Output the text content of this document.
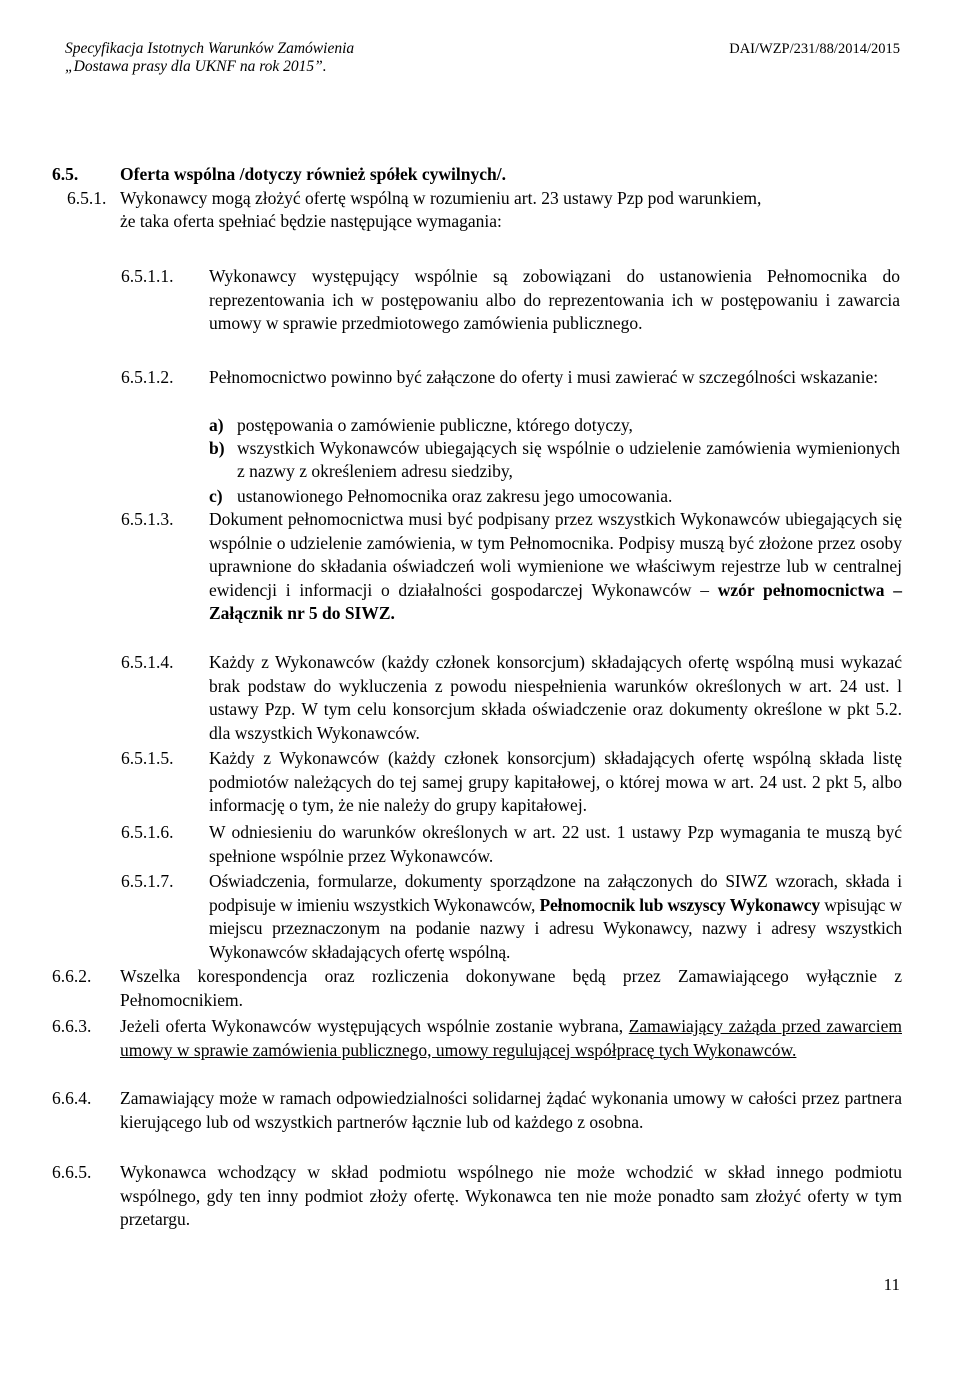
Specyfikacja Istotnych Warunków Zamówienia
„Dostawa prasy dla UKNF na rok 2015”.
DAI/WZP/231/88/2014/2015
6.5. Oferta wspólna /dotyczy również spółek cywilnych/.
6.5.1. Wykonawcy mogą złożyć ofertę wspólną w rozumieniu art. 23 ustawy Pzp pod warunkiem,
że taka oferta spełniać będzie następujące wymagania:
6.5.1.1. Wykonawcy występujący wspólnie są zobowiązani do ustanowienia Pełnomocnika do reprezentowania ich w postępowaniu albo do reprezentowania ich w postępowaniu i zawarcia umowy w sprawie przedmiotowego zamówienia publicznego.
6.5.1.2. Pełnomocnictwo powinno być załączone do oferty i musi zawierać w szczególności wskazanie:
a) postępowania o zamówienie publiczne, którego dotyczy,
b) wszystkich Wykonawców ubiegających się wspólnie o udzielenie zamówienia wymienionych z nazwy z określeniem adresu siedziby,
c) ustanowionego Pełnomocnika oraz zakresu jego umocowania.
6.5.1.3. Dokument pełnomocnictwa musi być podpisany przez wszystkich Wykonawców ubiegających się wspólnie o udzielenie zamówienia, w tym Pełnomocnika. Podpisy muszą być złożone przez osoby uprawnione do składania oświadczeń woli wymienione we właściwym rejestrze lub w centralnej ewidencji i informacji o działalności gospodarczej Wykonawców – wzór pełnomocnictwa – Załącznik nr 5 do SIWZ.
6.5.1.4. Każdy z Wykonawców (każdy członek konsorcjum) składających ofertę wspólną musi wykazać brak podstaw do wykluczenia z powodu niespełnienia warunków określonych w art. 24 ust. l ustawy Pzp. W tym celu konsorcjum składa oświadczenie oraz dokumenty określone w pkt 5.2. dla wszystkich Wykonawców.
6.5.1.5. Każdy z Wykonawców (każdy członek konsorcjum) składających ofertę wspólną składa listę podmiotów należących do tej samej grupy kapitałowej, o której mowa w art. 24 ust. 2 pkt 5, albo informację o tym, że nie należy do grupy kapitałowej.
6.5.1.6. W odniesieniu do warunków określonych w art. 22 ust. 1 ustawy Pzp wymagania te muszą być spełnione wspólnie przez Wykonawców.
6.5.1.7. Oświadczenia, formularze, dokumenty sporządzone na załączonych do SIWZ wzorach, składa i podpisuje w imieniu wszystkich Wykonawców, Pełnomocnik lub wszyscy Wykonawcy wpisując w miejscu przeznaczonym na podanie nazwy i adresu Wykonawcy, nazwy i adresy wszystkich Wykonawców składających ofertę wspólną.
6.6.2. Wszelka korespondencja oraz rozliczenia dokonywane będą przez Zamawiającego wyłącznie z Pełnomocnikiem.
6.6.3. Jeżeli oferta Wykonawców występujących wspólnie zostanie wybrana, Zamawiający zażąda przed zawarciem umowy w sprawie zamówienia publicznego, umowy regulującej współpracę tych Wykonawców.
6.6.4. Zamawiający może w ramach odpowiedzialności solidarnej żądać wykonania umowy w całości przez partnera kierującego lub od wszystkich partnerów łącznie lub od każdego z osobna.
6.6.5. Wykonawca wchodzący w skład podmiotu wspólnego nie może wchodzić w skład innego podmiotu wspólnego, gdy ten inny podmiot złoży ofertę. Wykonawca ten nie może ponadto sam złożyć oferty w tym przetargu.
11
